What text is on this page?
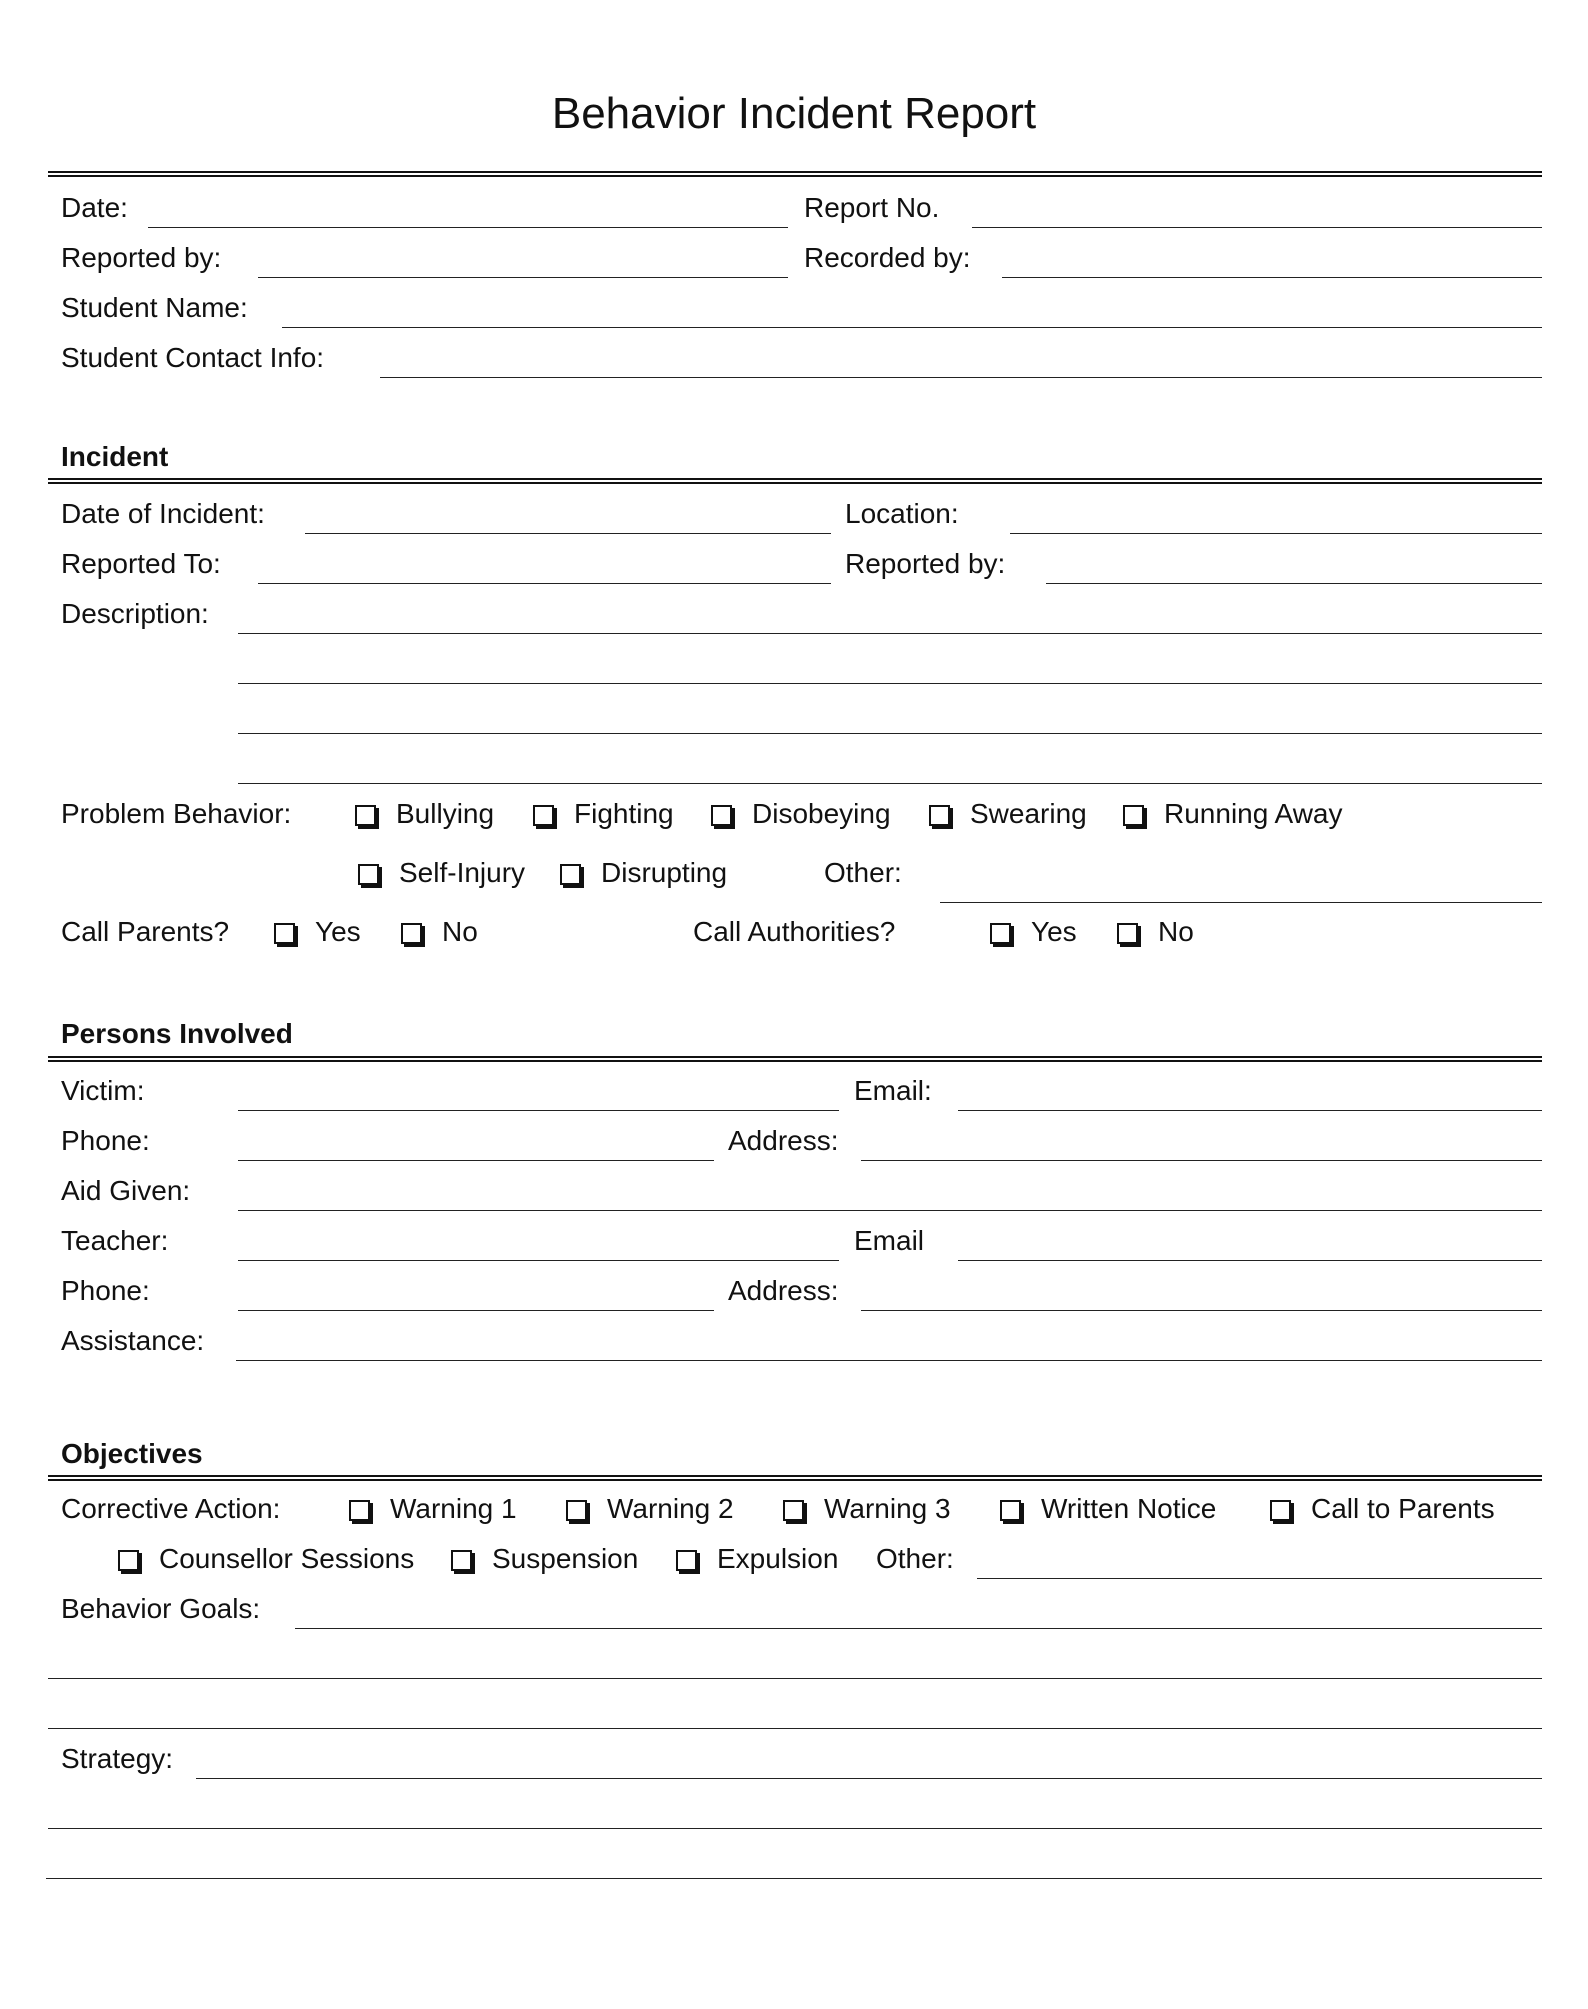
Behavior Incident Report
Date:	Report No.
Reported by:	Recorded by:
Student Name:
Student Contact Info:
Incident
Date of Incident:	Location:
Reported To:	Reported by:
Description:
Problem Behavior:	Bullying	Fighting	Disobeying	Swearing	Running Away
Self-Injury	Disrupting	Other:
Call Parents?	Yes	No	Call Authorities?	Yes	No
Persons Involved
Victim:	Email:
Phone:	Address:
Aid Given:
Teacher:	Email
Phone:	Address:
Assistance:
Objectives
Corrective Action:	Warning 1	Warning 2	Warning 3	Written Notice	Call to Parents
Counsellor Sessions	Suspension	Expulsion Other:
Behavior Goals:
Strategy:
